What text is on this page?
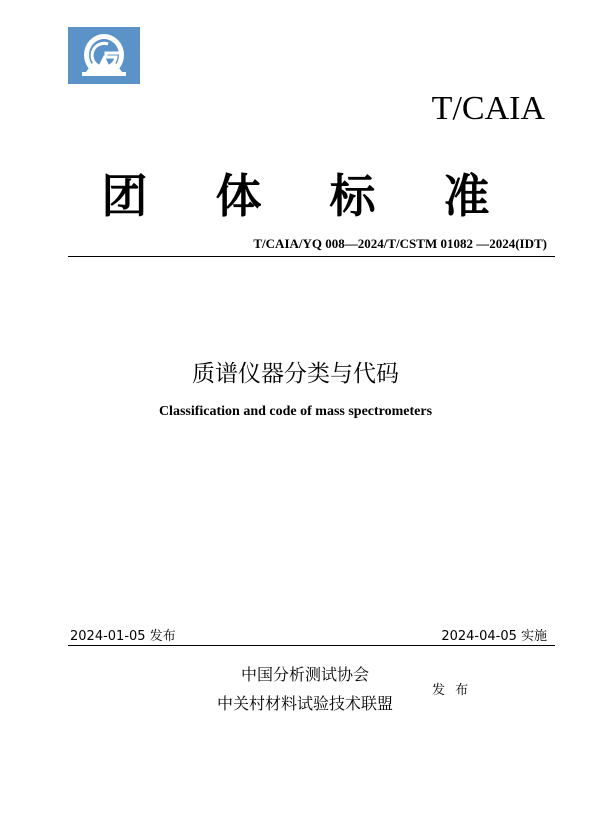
T/CAIA
团 体 标 准
T/CAIA/YQ 008—2024/T/CSTM 01082 —2024(IDT)
质谱仪器分类与代码
Classification and code of mass spectrometers
2024-01-05 发布	2024-04-05 实施
中国分析测试协会
中关村材料试验技术联盟
发 布
